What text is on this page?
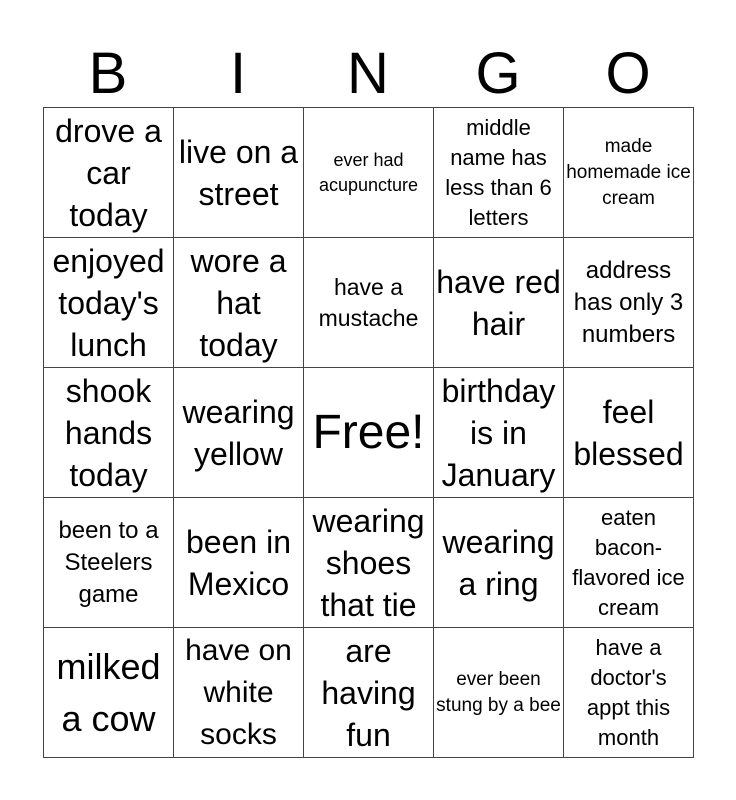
B	I	N	G	O
drove a car today	live on a street	ever had acupuncture	middle name has less than 6 letters	made homemade ice cream

enjoyed today's lunch	wore a hat today	have a mustache	have red hair	address has only 3 numbers

shook hands today	wearing yellow	Free!	birthday is in January	feel blessed

been to a Steelers game	been in Mexico	wearing shoes that tie	wearing a ring	eaten bacon-flavored ice cream

milked a cow	have on white socks	are having fun	ever been stung by a bee	have a doctor's appt this month
